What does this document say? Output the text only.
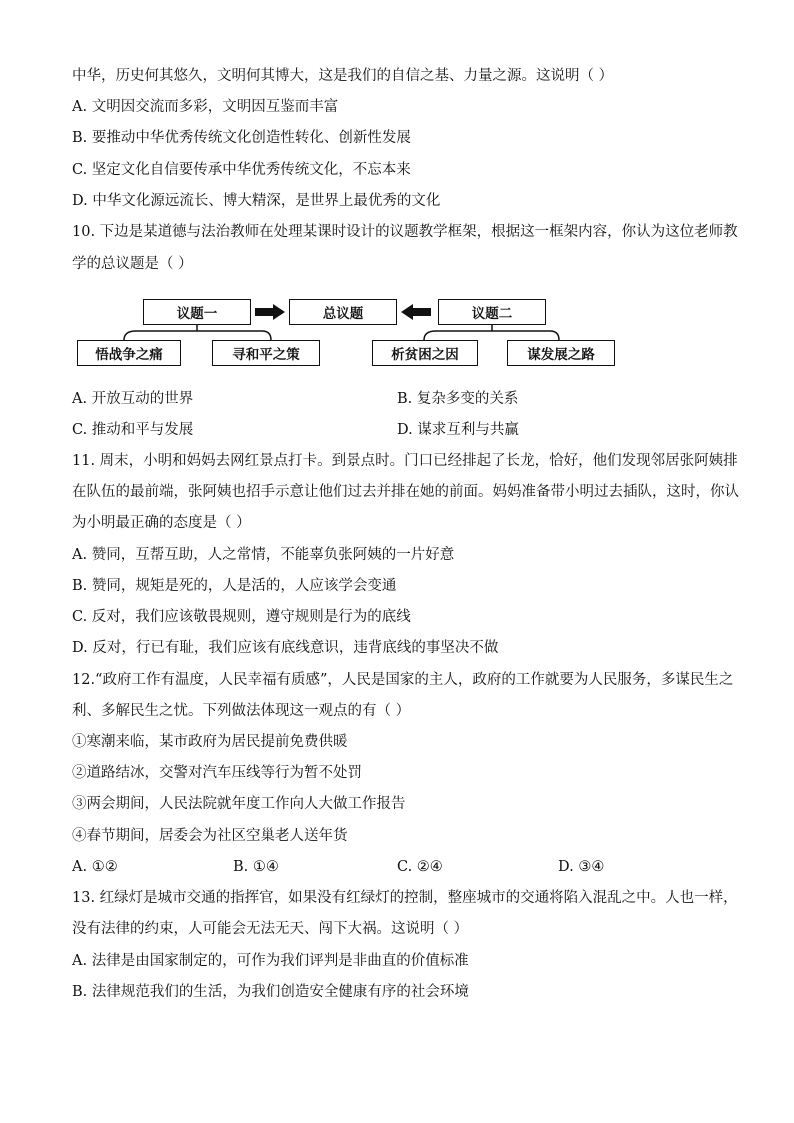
中华，历史何其悠久，文明何其博大，这是我们的自信之基、力量之源。这说明（ ）
A. 文明因交流而多彩，文明因互鉴而丰富
B. 要推动中华优秀传统文化创造性转化、创新性发展
C. 坚定文化自信要传承中华优秀传统文化，不忘本来
D. 中华文化源远流长、博大精深，是世界上最优秀的文化
10. 下边是某道德与法治教师在处理某课时设计的议题教学框架，根据这一框架内容，你认为这位老师教
学的总议题是（ ）
议题一	总议题	议题二
悟战争之痛	寻和平之策	析贫困之因	谋发展之路
A. 开放互动的世界	B. 复杂多变的关系
C. 推动和平与发展	D. 谋求互利与共赢
11. 周末，小明和妈妈去网红景点打卡。到景点时。门口已经排起了长龙，恰好，他们发现邻居张阿姨排
在队伍的最前端，张阿姨也招手示意让他们过去并排在她的前面。妈妈准备带小明过去插队，这时，你认
为小明最正确的态度是（ ）
A. 赞同，互帮互助，人之常情，不能辜负张阿姨的一片好意
B. 赞同，规矩是死的，人是活的，人应该学会变通
C. 反对，我们应该敬畏规则，遵守规则是行为的底线
D. 反对，行已有耻，我们应该有底线意识，违背底线的事坚决不做
12.“政府工作有温度，人民幸福有质感”，人民是国家的主人，政府的工作就要为人民服务，多谋民生之
利、多解民生之忧。下列做法体现这一观点的有（ ）
①寒潮来临，某市政府为居民提前免费供暖
②道路结冰，交警对汽车压线等行为暂不处罚
③两会期间，人民法院就年度工作向人大做工作报告
④春节期间，居委会为社区空巢老人送年货
A. ①②	B. ①④	C. ②④	D. ③④
13. 红绿灯是城市交通的指挥官，如果没有红绿灯的控制，整座城市的交通将陷入混乱之中。人也一样，
没有法律的约束，人可能会无法无天、闯下大祸。这说明（ ）
A. 法律是由国家制定的，可作为我们评判是非曲直的价值标准
B. 法律规范我们的生活，为我们创造安全健康有序的社会环境
